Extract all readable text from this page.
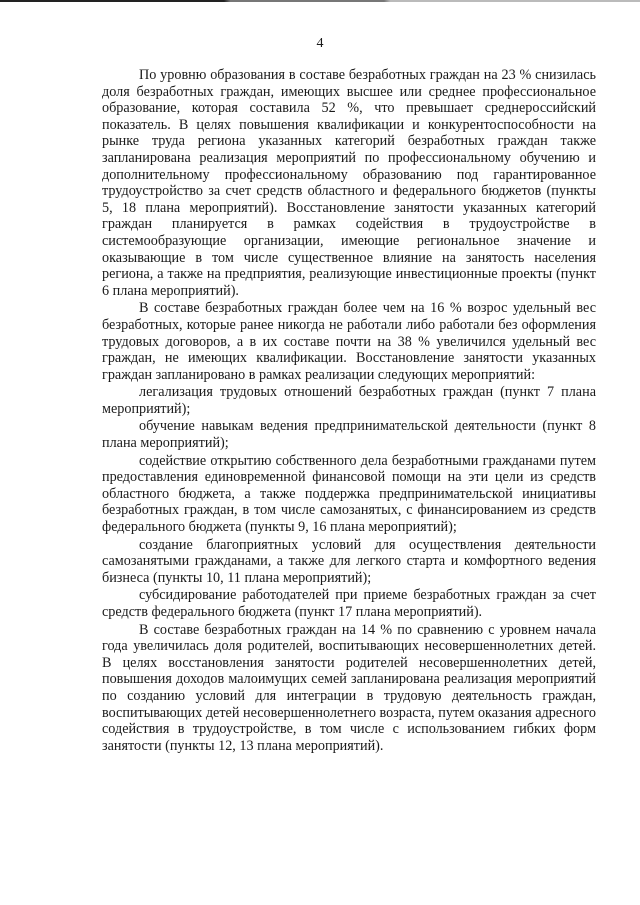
4

По уровню образования в составе безработных граждан на 23 % снизилась доля безработных граждан, имеющих высшее или среднее профессиональное образование, которая составила 52 %, что превышает среднероссийский показатель. В целях повышения квалификации и конкурентоспособности на рынке труда региона указанных категорий безработных граждан также запланирована реализация мероприятий по профессиональному обучению и дополнительному профессиональному образованию под гарантированное трудоустройство за счет средств областного и федерального бюджетов (пункты 5, 18 плана мероприятий). Восстановление занятости указанных категорий граждан планируется в рамках содействия в трудоустройстве в системообразующие организации, имеющие региональное значение и оказывающие в том числе существенное влияние на занятость населения региона, а также на предприятия, реализующие инвестиционные проекты (пункт 6 плана мероприятий).

В составе безработных граждан более чем на 16 % возрос удельный вес безработных, которые ранее никогда не работали либо работали без оформления трудовых договоров, а в их составе почти на 38 % увеличился удельный вес граждан, не имеющих квалификации. Восстановление занятости указанных граждан запланировано в рамках реализации следующих мероприятий:

легализация трудовых отношений безработных граждан (пункт 7 плана мероприятий);

обучение навыкам ведения предпринимательской деятельности (пункт 8 плана мероприятий);

содействие открытию собственного дела безработными гражданами путем предоставления единовременной финансовой помощи на эти цели из средств областного бюджета, а также поддержка предпринимательской инициативы безработных граждан, в том числе самозанятых, с финансированием из средств федерального бюджета (пункты 9, 16 плана мероприятий);

создание благоприятных условий для осуществления деятельности самозанятыми гражданами, а также для легкого старта и комфортного ведения бизнеса (пункты 10, 11 плана мероприятий);

субсидирование работодателей при приеме безработных граждан за счет средств федерального бюджета (пункт 17 плана мероприятий).

В составе безработных граждан на 14 % по сравнению с уровнем начала года увеличилась доля родителей, воспитывающих несовершеннолетних детей. В целях восстановления занятости родителей несовершеннолетних детей, повышения доходов малоимущих семей запланирована реализация мероприятий по созданию условий для интеграции в трудовую деятельность граждан, воспитывающих детей несовершеннолетнего возраста, путем оказания адресного содействия в трудоустройстве, в том числе с использованием гибких форм занятости (пункты 12, 13 плана мероприятий).
